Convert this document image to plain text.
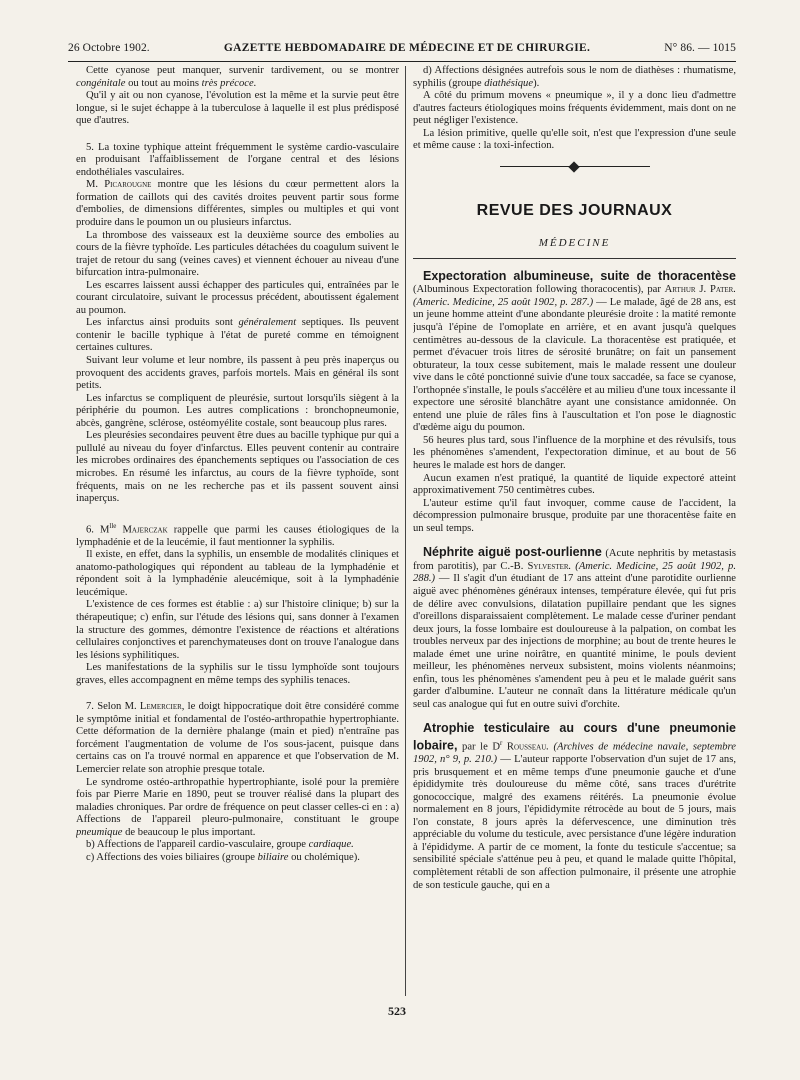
26 Octobre 1902.	GAZETTE HEBDOMADAIRE DE MÉDECINE ET DE CHIRURGIE.	N° 86. — 1015

Cette cyanose peut manquer, survenir tardivement, ou se montrer congénitale ou tout au moins très précoce.

Qu'il y ait ou non cyanose, l'évolution est la même et la survie peut être longue, si le sujet échappe à la tuberculose à laquelle il est plus prédisposé que d'autres.

5. La toxine typhique atteint fréquemment le système cardio-vasculaire en produisant l'affaiblissement de l'organe central et des lésions endothéliales vasculaires.

M. Picarougne montre que les lésions du cœur permettent alors la formation de caillots qui des cavités droites peuvent partir sous forme d'embolies, de dimensions différentes, simples ou multiples et qui vont produire dans le poumon un ou plusieurs infarctus.

La thrombose des vaisseaux est la deuxième source des embolies au cours de la fièvre typhoïde. Les particules détachées du coagulum suivent le trajet de retour du sang (veines caves) et viennent échouer au niveau d'une bifurcation intra-pulmonaire.

Les escarres laissent aussi échapper des particules qui, entraînées par le courant circulatoire, suivant le processus précédent, aboutissent également au poumon.

Les infarctus ainsi produits sont généralement septiques. Ils peuvent contenir le bacille typhique à l'état de pureté comme en témoignent certaines cultures.

Suivant leur volume et leur nombre, ils passent à peu près inaperçus ou provoquent des accidents graves, parfois mortels. Mais en général ils sont petits.

Les infarctus se compliquent de pleurésie, surtout lorsqu'ils siègent à la périphérie du poumon. Les autres complications : bronchopneumonie, abcès, gangrène, sclérose, ostéomyélite costale, sont beaucoup plus rares.

Les pleurésies secondaires peuvent être dues au bacille typhique pur qui a pullulé au niveau du foyer d'infarctus. Elles peuvent contenir au contraire les microbes ordinaires des épanchements septiques ou l'association de ces microbes. En résumé les infarctus, au cours de la fièvre typhoïde, sont fréquents, mais on ne les recherche pas et ils passent souvent ainsi inaperçus.

6. $M^{lle}$ Majerczak rappelle que parmi les causes étiologiques de la lymphadénie et de la leucémie, il faut mentionner la syphilis.

Il existe, en effet, dans la syphilis, un ensemble de modalités cliniques et anatomo-pathologiques qui répondent au tableau de la lymphadénie et répondent soit à la lymphadénie aleucémique, soit à la lymphadénie leucémique.

L'existence de ces formes est établie : a) sur l'histoire clinique; b) sur la thérapeutique; c) enfin, sur l'étude des lésions qui, sans donner à l'examen la structure des gommes, démontre l'existence de réactions et altérations cellulaires conjonctives et parenchymateuses dont on trouve l'analogue dans les lésions syphilitiques.

Les manifestations de la syphilis sur le tissu lymphoïde sont toujours graves, elles accompagnent en même temps des syphilis tenaces.

7. Selon M. Lemercier, le doigt hippocratique doit être considéré comme le symptôme initial et fondamental de l'ostéo-arthropathie hypertrophiante. Cette déformation de la dernière phalange (main et pied) n'entraîne pas forcément l'augmentation de volume de l'os sous-jacent, puisque dans certains cas on l'a trouvé normal en apparence et que l'observation de M. Lemercier relate son atrophie presque totale.

Le syndrome ostéo-arthropathie hypertrophiante, isolé pour la première fois par Pierre Marie en 1890, peut se trouver réalisé dans la plupart des maladies chroniques. Par ordre de fréquence on peut classer celles-ci en : a) Affections de l'appareil pleuro-pulmonaire, constituant le groupe pneumique de beaucoup le plus important.

b) Affections de l'appareil cardio-vasculaire, groupe cardiaque.

c) Affections des voies biliaires (groupe biliaire ou cholémique).

d) Affections désignées autrefois sous le nom de diathèses : rhumatisme, syphilis (groupe diathésique).

A côté du primum movens « pneumique », il y a donc lieu d'admettre d'autres facteurs étiologiques moins fréquents évidemment, mais dont on ne peut négliger l'existence.

La lésion primitive, quelle qu'elle soit, n'est que l'expression d'une seule et même cause : la toxi-infection.

REVUE DES JOURNAUX
MÉDECINE

Expectoration albumineuse, suite de thoracentèse (Albuminous Expectoration following thoracocentis), par Arthur J. Pater. (Americ. Medicine, 25 août 1902, p. 287.) — Le malade, âgé de 28 ans, est un jeune homme atteint d'une abondante pleurésie droite : la matité remonte jusqu'à l'épine de l'omoplate en arrière, et en avant jusqu'à quelques centimètres au-dessous de la clavicule. La thoracentèse est pratiquée, et permet d'évacuer trois litres de sérosité brunâtre; on fait un pansement obturateur, la toux cesse subitement, mais le malade ressent une douleur vive dans le côté ponctionné suivie d'une toux saccadée, sa face se cyanose, l'orthopnée s'installe, le pouls s'accélère et au milieu d'une toux incessante il expectore une sérosité blanchâtre ayant une consistance amidonnée. On entend une pluie de râles fins à l'auscultation et l'on pose le diagnostic d'œdème aigu du poumon.

56 heures plus tard, sous l'influence de la morphine et des révulsifs, tous les phénomènes s'amendent, l'expectoration diminue, et au bout de 56 heures le malade est hors de danger.

Aucun examen n'est pratiqué, la quantité de liquide expectoré atteint approximativement 750 centimètres cubes.

L'auteur estime qu'il faut invoquer, comme cause de l'accident, la décompression pulmonaire brusque, produite par une thoracentèse faite en un seul temps.

Néphrite aiguë post-ourlienne (Acute nephritis by metastasis from parotitis), par C.-B. Sylvester. (Americ. Medicine, 25 août 1902, p. 288.) — Il s'agit d'un étudiant de 17 ans atteint d'une parotidite ourlienne aiguë avec phénomènes généraux intenses, température élevée, qui fut pris de délire avec convulsions, dilatation pupillaire pendant que les signes d'oreillons disparaissaient complètement. Le malade cesse d'uriner pendant deux jours, la fosse lombaire est douloureuse à la palpation, on combat les troubles nerveux par des injections de morphine; au bout de trente heures le malade émet une urine noirâtre, en quantité minime, le pouls devient meilleur, les phénomènes nerveux subsistent, moins violents néanmoins; enfin, tous les phénomènes s'amendent peu à peu et le malade guérit sans garder d'albumine. L'auteur ne connaît dans la littérature médicale qu'un seul cas analogue qui fut en outre suivi d'orchite.

Atrophie testiculaire au cours d'une pneumonie lobaire, par le $D^r$ Rousseau. (Archives de médecine navale, septembre 1902, n° 9, p. 210.) — L'auteur rapporte l'observation d'un sujet de 17 ans, pris brusquement et en même temps d'une pneumonie gauche et d'une épididymite très douloureuse du même côté, sans traces d'urétrite gonococcique, malgré des examens réitérés. La pneumonie évolue normalement en 8 jours, l'épididymite rétrocède au bout de 5 jours, mais l'on constate, 8 jours après la défervescence, une diminution très appréciable du volume du testicule, avec persistance d'une légère induration à l'épididyme. A partir de ce moment, la fonte du testicule s'accentue; sa sensibilité spéciale s'atténue peu à peu, et quand le malade quitte l'hôpital, complètement rétabli de son affection pulmonaire, il présente une atrophie de son testicule gauche, qui en a

523
